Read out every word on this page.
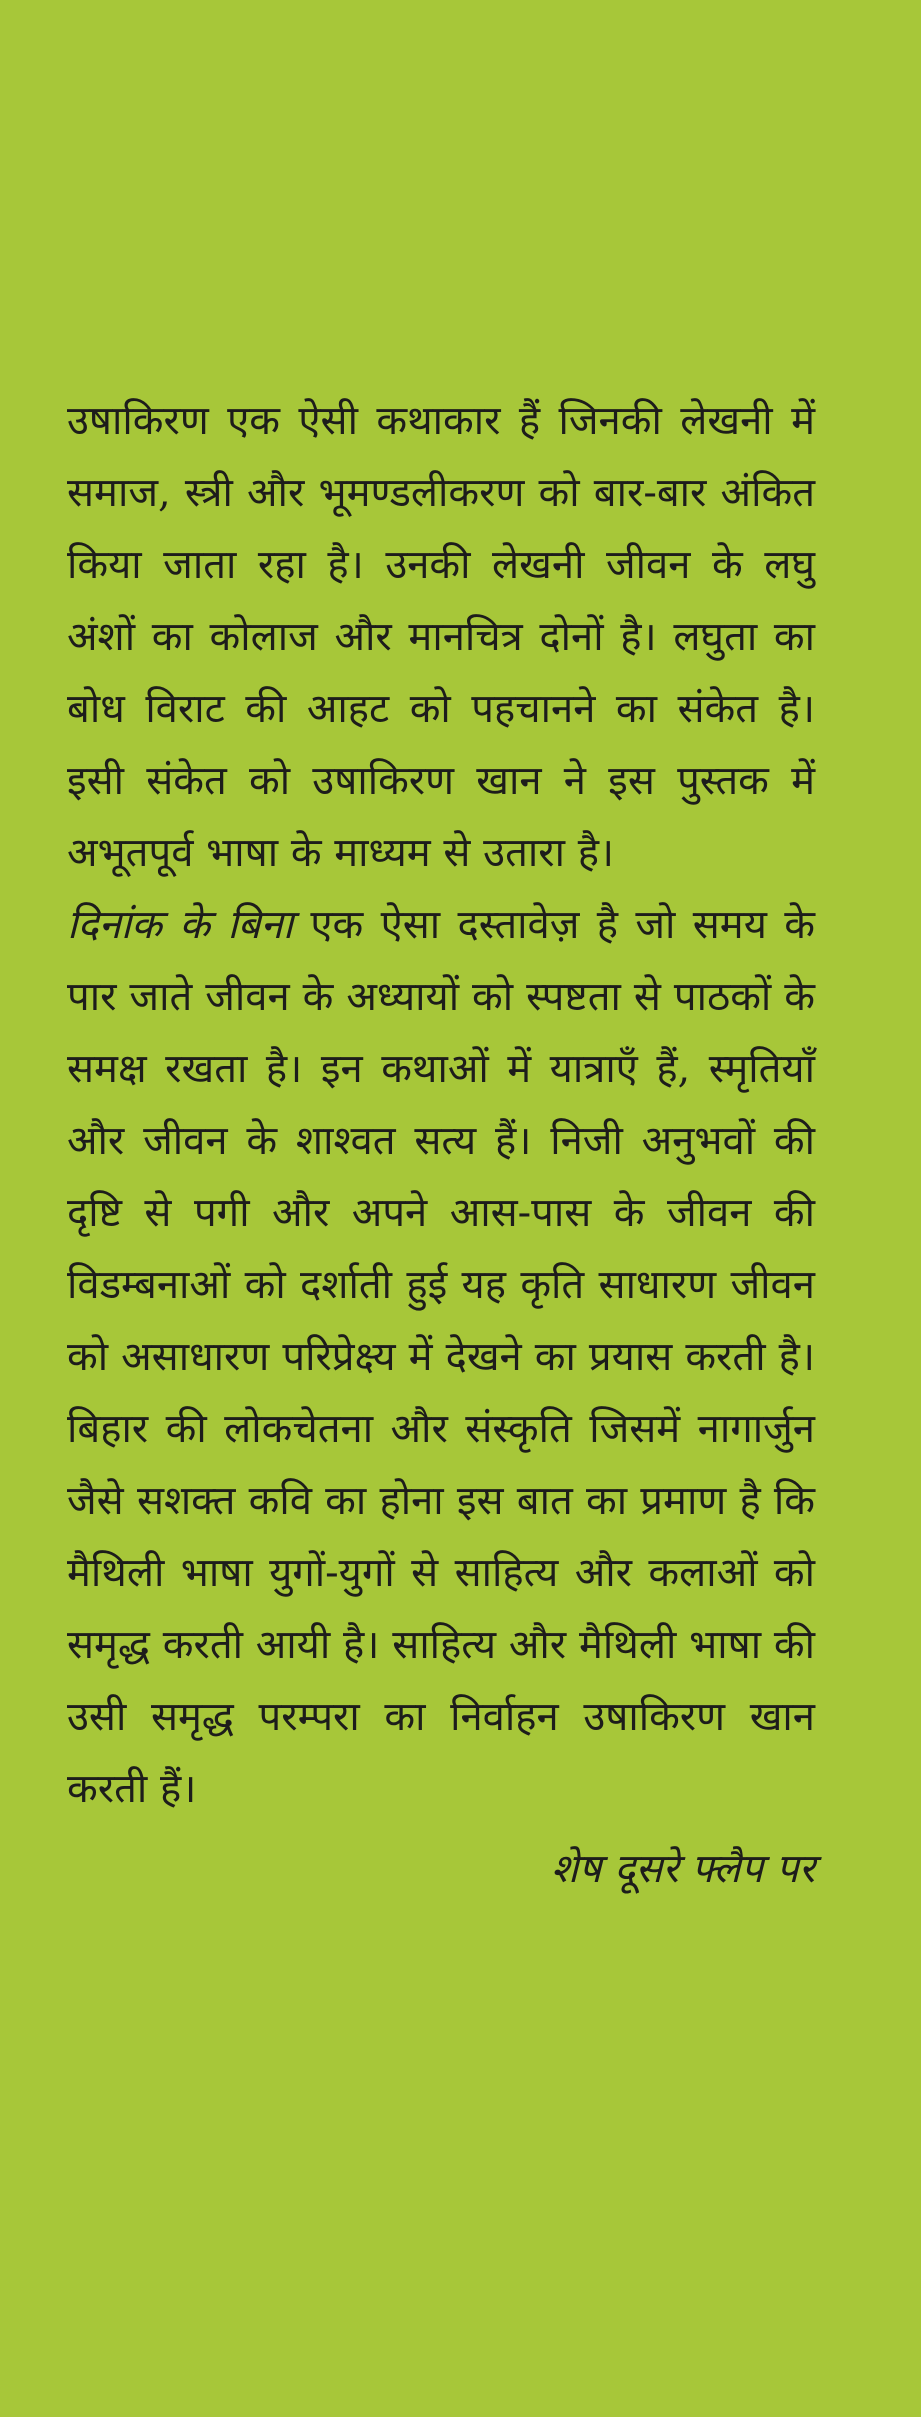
उषाकिरण एक ऐसी कथाकार हैं जिनकी लेखनी में समाज, स्त्री और भूमण्डलीकरण को बार-बार अंकित किया जाता रहा है। उनकी लेखनी जीवन के लघु अंशों का कोलाज और मानचित्र दोनों है। लघुता का बोध विराट की आहट को पहचानने का संकेत है। इसी संकेत को उषाकिरण खान ने इस पुस्तक में अभूतपूर्व भाषा के माध्यम से उतारा है।

दिनांक के बिना एक ऐसा दस्तावेज़ है जो समय के पार जाते जीवन के अध्यायों को स्पष्टता से पाठकों के समक्ष रखता है। इन कथाओं में यात्राएँ हैं, स्मृतियाँ और जीवन के शाश्वत सत्य हैं। निजी अनुभवों की दृष्टि से पगी और अपने आस-पास के जीवन की विडम्बनाओं को दर्शाती हुई यह कृति साधारण जीवन को असाधारण परिप्रेक्ष्य में देखने का प्रयास करती है। बिहार की लोकचेतना और संस्कृति जिसमें नागार्जुन जैसे सशक्त कवि का होना इस बात का प्रमाण है कि मैथिली भाषा युगों-युगों से साहित्य और कलाओं को समृद्ध करती आयी है। साहित्य और मैथिली भाषा की उसी समृद्ध परम्परा का निर्वाहन उषाकिरण खान करती हैं।

शेष दूसरे फ्लैप पर
